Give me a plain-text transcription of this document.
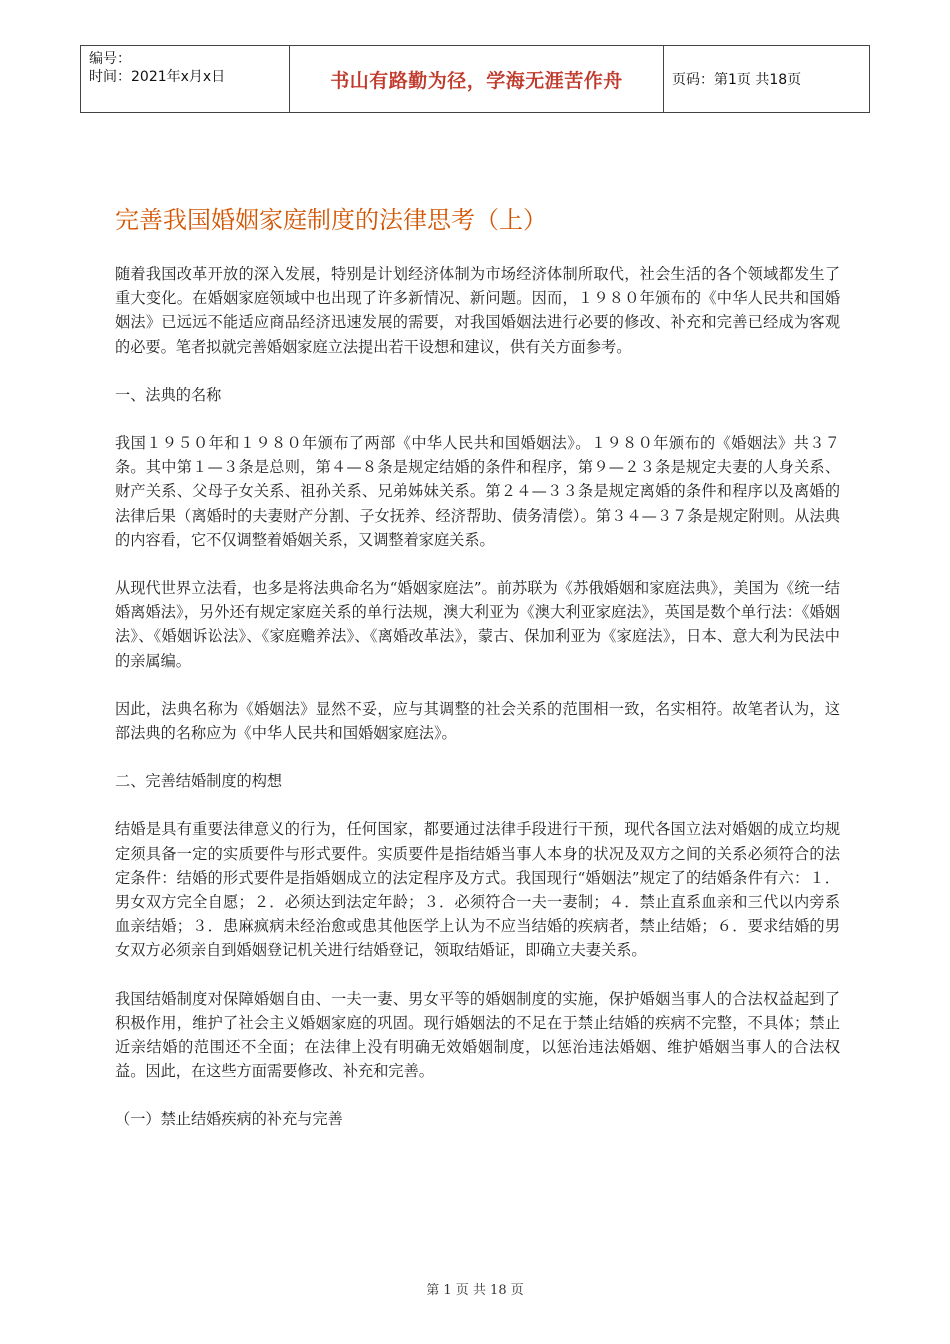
编号：
时间：2021年x月x日	书山有路勤为径，学海无涯苦作舟	页码：第1页 共18页
完善我国婚姻家庭制度的法律思考（上）

随着我国改革开放的深入发展，特别是计划经济体制为市场经济体制所取代，社会生活的各个领域都发生了重大变化。在婚姻家庭领域中也出现了许多新情况、新问题。因而，１９８０年颁布的《中华人民共和国婚姻法》已远远不能适应商品经济迅速发展的需要，对我国婚姻法进行必要的修改、补充和完善已经成为客观的必要。笔者拟就完善婚姻家庭立法提出若干设想和建议，供有关方面参考。

一、法典的名称

我国１９５０年和１９８０年颁布了两部《中华人民共和国婚姻法》。１９８０年颁布的《婚姻法》共３７条。其中第１—３条是总则，第４—８条是规定结婚的条件和程序，第９—２３条是规定夫妻的人身关系、财产关系、父母子女关系、祖孙关系、兄弟姊妹关系。第２４—３３条是规定离婚的条件和程序以及离婚的法律后果（离婚时的夫妻财产分割、子女抚养、经济帮助、债务清偿）。第３４—３７条是规定附则。从法典的内容看，它不仅调整着婚姻关系，又调整着家庭关系。

从现代世界立法看，也多是将法典命名为“婚姻家庭法”。前苏联为《苏俄婚姻和家庭法典》，美国为《统一结婚离婚法》，另外还有规定家庭关系的单行法规，澳大利亚为《澳大利亚家庭法》，英国是数个单行法：《婚姻法》、《婚姻诉讼法》、《家庭赡养法》、《离婚改革法》，蒙古、保加利亚为《家庭法》，日本、意大利为民法中的亲属编。

因此，法典名称为《婚姻法》显然不妥，应与其调整的社会关系的范围相一致，名实相符。故笔者认为，这部法典的名称应为《中华人民共和国婚姻家庭法》。

二、完善结婚制度的构想

结婚是具有重要法律意义的行为，任何国家，都要通过法律手段进行干预，现代各国立法对婚姻的成立均规定须具备一定的实质要件与形式要件。实质要件是指结婚当事人本身的状况及双方之间的关系必须符合的法定条件：结婚的形式要件是指婚姻成立的法定程序及方式。我国现行“婚姻法”规定了的结婚条件有六：１．男女双方完全自愿；２．必须达到法定年龄；３．必须符合一夫一妻制；４．禁止直系血亲和三代以内旁系血亲结婚；３．患麻疯病未经治愈或患其他医学上认为不应当结婚的疾病者，禁止结婚；６．要求结婚的男女双方必须亲自到婚姻登记机关进行结婚登记，领取结婚证，即确立夫妻关系。

我国结婚制度对保障婚姻自由、一夫一妻、男女平等的婚姻制度的实施，保护婚姻当事人的合法权益起到了积极作用，维护了社会主义婚姻家庭的巩固。现行婚姻法的不足在于禁止结婚的疾病不完整，不具体；禁止近亲结婚的范围还不全面；在法律上没有明确无效婚姻制度，以惩治违法婚姻、维护婚姻当事人的合法权益。因此，在这些方面需要修改、补充和完善。

（一）禁止结婚疾病的补充与完善

第 1 页 共 18 页
